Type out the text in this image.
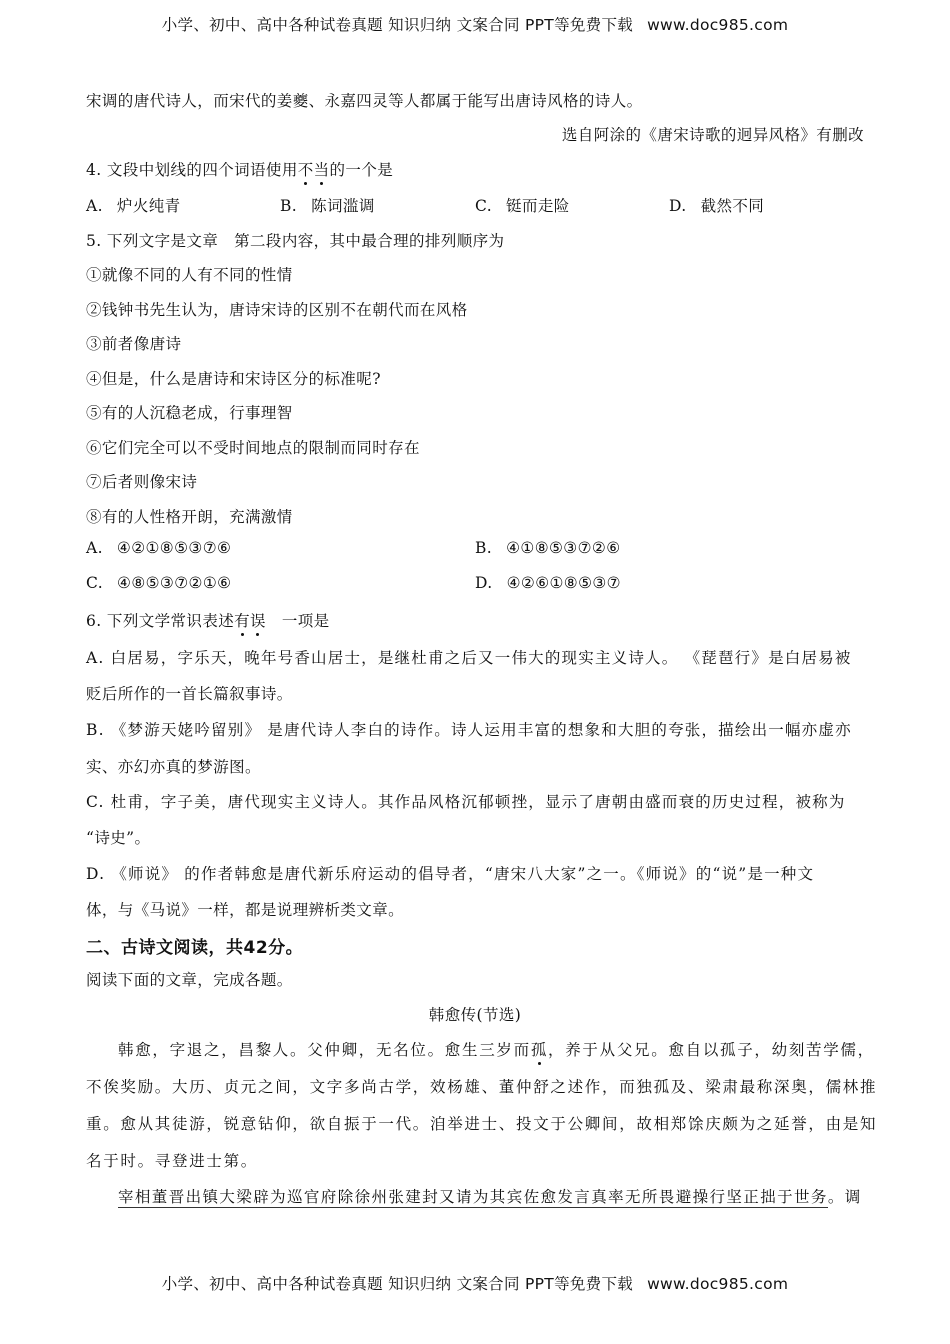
小学、初中、高中各种试卷真题 知识归纳 文案合同 PPT等免费下载 www.doc985.com
宋调的唐代诗人，而宋代的姜夔、永嘉四灵等人都属于能写出唐诗风格的诗人。
选自阿涂的《唐宋诗歌的迥异风格》有删改
4. 文段中划线的四个词语使用不当的一个是
A. 炉火纯青	B. 陈词滥调	C. 铤而走险	D. 截然不同
5. 下列文字是文章　第二段内容，其中最合理的排列顺序为
①就像不同的人有不同的性情
②钱钟书先生认为，唐诗宋诗的区别不在朝代而在风格
③前者像唐诗
④但是，什么是唐诗和宋诗区分的标准呢?
⑤有的人沉稳老成，行事理智
⑥它们完全可以不受时间地点的限制而同时存在
⑦后者则像宋诗
⑧有的人性格开朗，充满激情
A. ④②①⑧⑤③⑦⑥	B. ④①⑧⑤③⑦②⑥
C. ④⑧⑤③⑦②①⑥	D. ④②⑥①⑧⑤③⑦
6. 下列文学常识表述有误　一项是
A. 白居易，字乐天，晚年号香山居士，是继杜甫之后又一伟大的现实主义诗人。 《琵琶行》是白居易被
贬后所作的一首长篇叙事诗。
B. 《梦游天姥吟留别》 是唐代诗人李白的诗作。诗人运用丰富的想象和大胆的夸张，描绘出一幅亦虚亦
实、亦幻亦真的梦游图。
C. 杜甫，字子美，唐代现实主义诗人。其作品风格沉郁顿挫，显示了唐朝由盛而衰的历史过程，被称为
“诗史”。
D. 《师说》 的作者韩愈是唐代新乐府运动的倡导者，“唐宋八大家”之一。《师说》的“说”是一种文
体，与《马说》一样，都是说理辨析类文章。
二、古诗文阅读，共42分。
阅读下面的文章，完成各题。
韩愈传(节选)
韩愈，字退之，昌黎人。父仲卿，无名位。愈生三岁而孤，养于从父兄。愈自以孤子，幼刻苦学儒，
不俟奖励。大历、贞元之间，文字多尚古学，效杨雄、董仲舒之述作，而独孤及、梁肃最称深奥，儒林推
重。愈从其徒游，锐意钻仰，欲自振于一代。洎举进士、投文于公卿间，故相郑馀庆颇为之延誉，由是知
名于时。寻登进士第。
宰相董晋出镇大梁辟为巡官府除徐州张建封又请为其宾佐愈发言真率无所畏避操行坚正拙于世务。调
小学、初中、高中各种试卷真题 知识归纳 文案合同 PPT等免费下载 www.doc985.com
